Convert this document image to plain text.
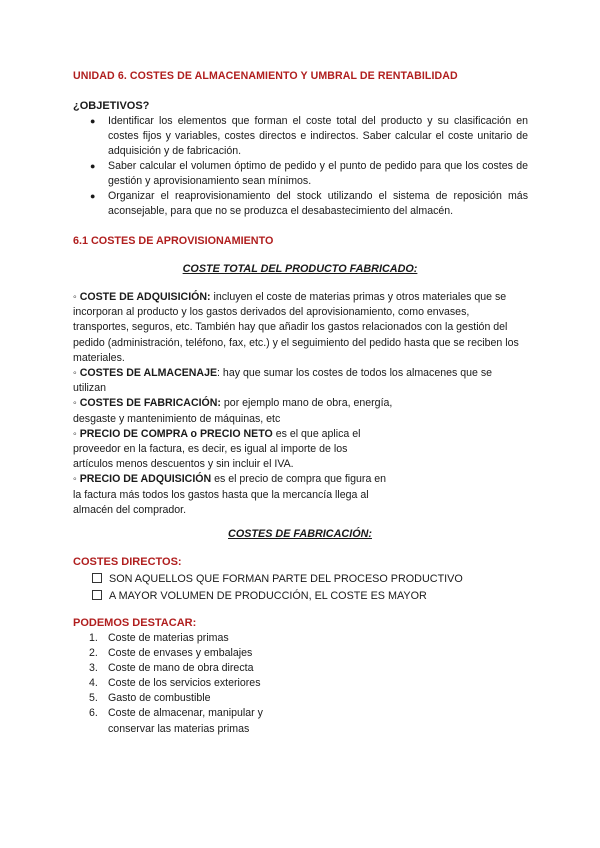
UNIDAD 6. COSTES DE ALMACENAMIENTO Y UMBRAL DE RENTABILIDAD
¿OBJETIVOS?
● Identificar los elementos que forman el coste total del producto y su clasificación en costes fijos y variables, costes directos e indirectos. Saber calcular el coste unitario de adquisición y de fabricación.
● Saber calcular el volumen óptimo de pedido y el punto de pedido para que los costes de gestión y aprovisionamiento sean mínimos.
● Organizar el reaprovisionamiento del stock utilizando el sistema de reposición más aconsejable, para que no se produzca el desabastecimiento del almacén.
6.1 COSTES DE APROVISIONAMIENTO
COSTE TOTAL DEL PRODUCTO FABRICADO:

◦ COSTE DE ADQUISICIÓN: incluyen el coste de materias primas y otros materiales que se incorporan al producto y los gastos derivados del aprovisionamiento, como envases, transportes, seguros, etc. También hay que añadir los gastos relacionados con la gestión del pedido (administración, teléfono, fax, etc.) y el seguimiento del pedido hasta que se reciben los materiales.

◦ COSTES DE ALMACENAJE: hay que sumar los costes de todos los almacenes que se utilizan

◦ COSTES DE FABRICACIÓN: por ejemplo mano de obra, energía, desgaste y mantenimiento de máquinas, etc

◦ PRECIO DE COMPRA o PRECIO NETO es el que aplica el proveedor en la factura, es decir, es igual al importe de los artículos menos descuentos y sin incluir el IVA.

◦ PRECIO DE ADQUISICIÓN es el precio de compra que figura en la factura más todos los gastos hasta que la mercancía llega al almacén del comprador.

COSTES DE FABRICACIÓN:
COSTES DIRECTOS:
SON AQUELLOS QUE FORMAN PARTE DEL PROCESO PRODUCTIVO
A MAYOR VOLUMEN DE PRODUCCIÓN, EL COSTE ES MAYOR
PODEMOS DESTACAR:
1. Coste de materias primas
2. Coste de envases y embalajes
3. Coste de mano de obra directa
4. Coste de los servicios exteriores
5. Gasto de combustible
6. Coste de almacenar, manipular y conservar las materias primas
